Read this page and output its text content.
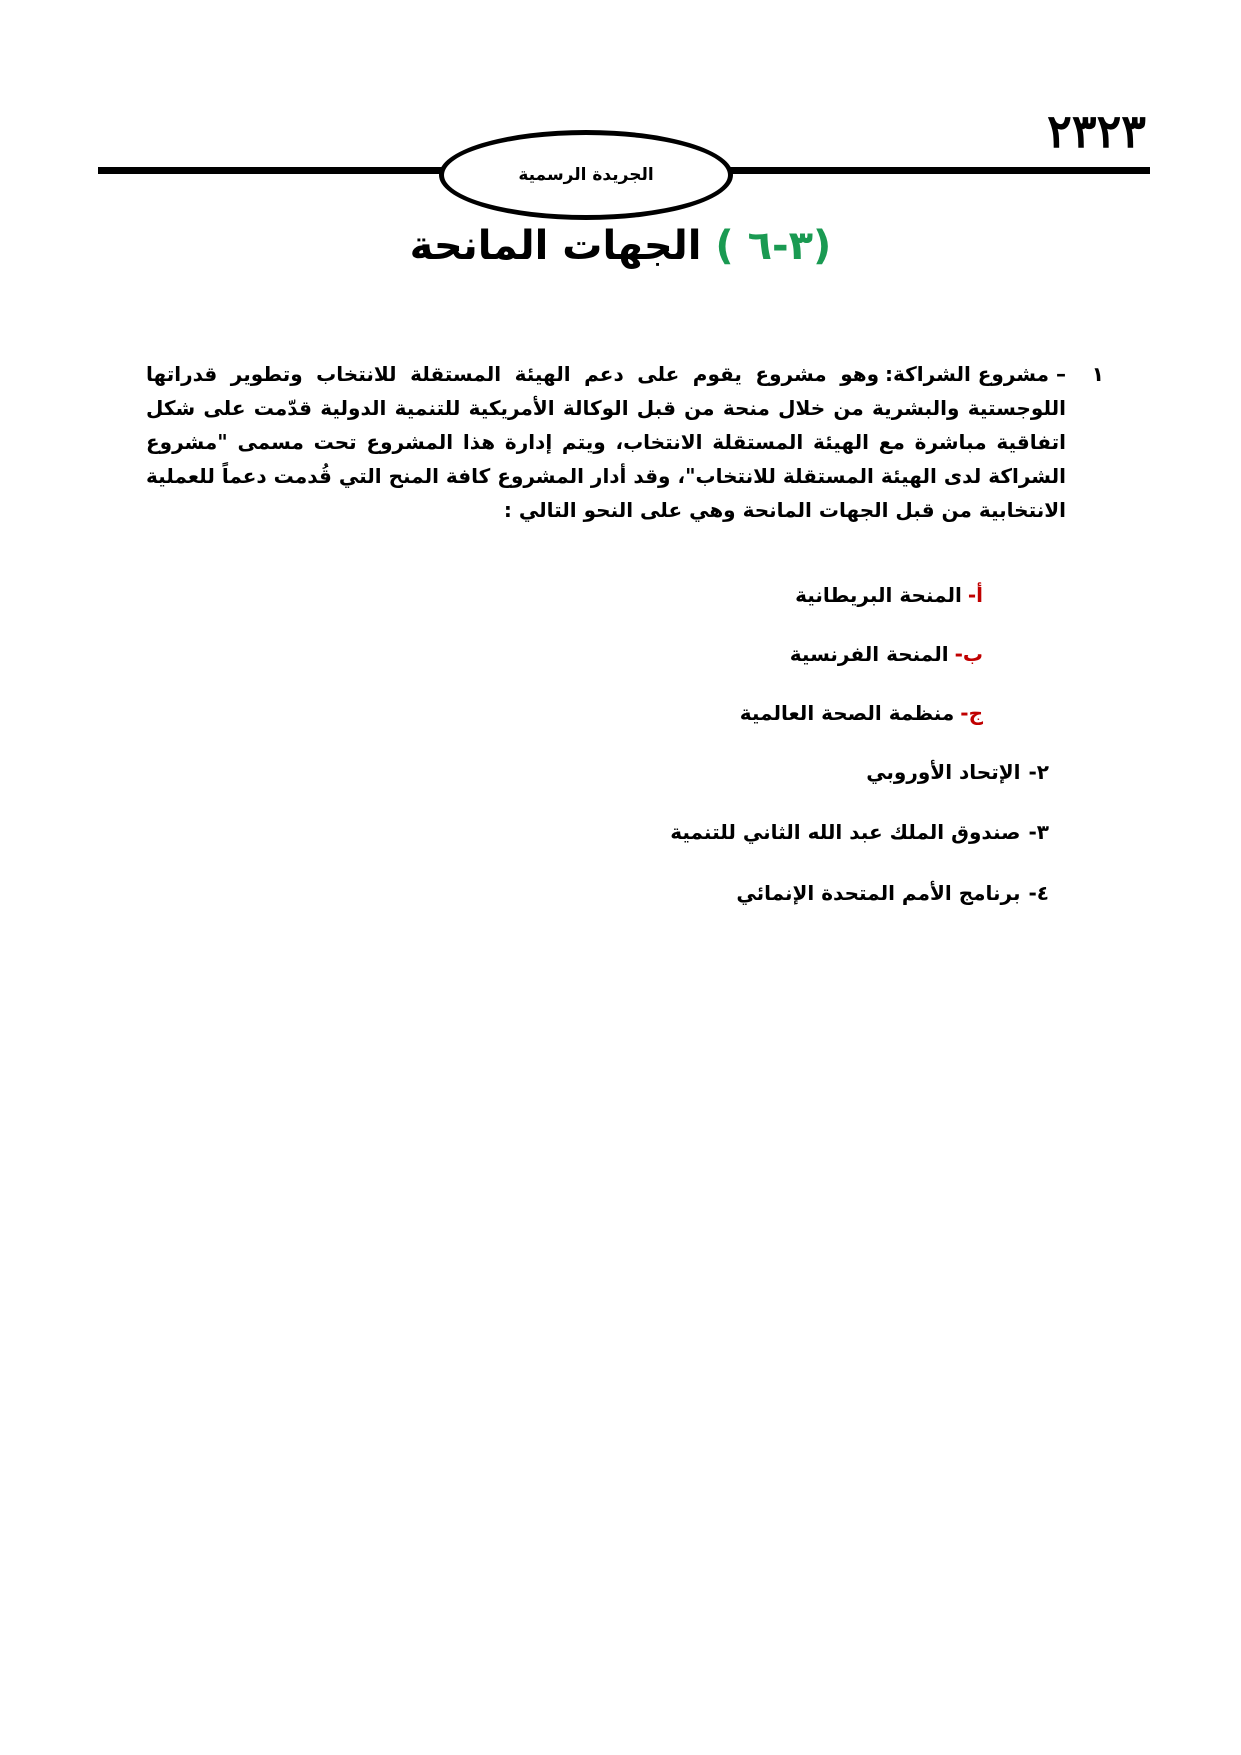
٢٣٢٣
الجريدة الرسمية
(٣-٦ ) الجهات المانحة
١
– مشروع الشراكة:
وهو مشروع يقوم على دعم الهيئة المستقلة للانتخاب وتطوير قدراتها اللوجستية والبشرية من خلال منحة من قبل الوكالة الأمريكية للتنمية الدولية قدّمت على شكل اتفاقية مباشرة مع الهيئة المستقلة الانتخاب، ويتم إدارة هذا المشروع تحت مسمى "مشروع الشراكة لدى الهيئة المستقلة للانتخاب"، وقد أدار المشروع كافة المنح التي قُدمت دعماً للعملية الانتخابية من قبل الجهات المانحة وهي على النحو التالي :
أ-المنحة البريطانية
ب-المنحة الفرنسية
ج-منظمة الصحة العالمية
٢-الإتحاد الأوروبي
٣-صندوق الملك عبد الله الثاني للتنمية
٤-برنامج الأمم المتحدة الإنمائي
